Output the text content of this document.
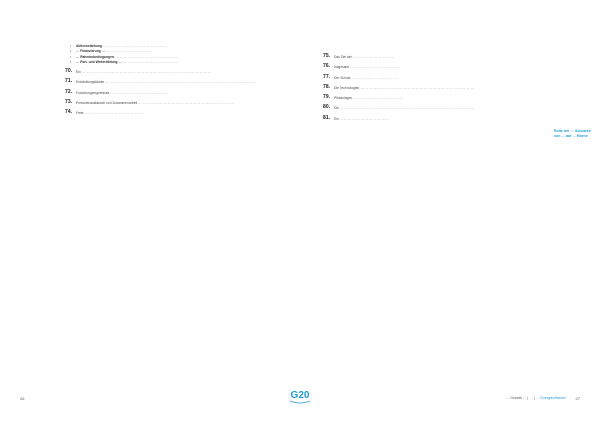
• Aktivenstärkung: … … … … … … … … … … … … … … …
• … Finanzierung …: … … … … … … … … … … …
• … Rahmenbedingungen: … … … … … … … … … … … … … … …
• … Fort- und Weiterbildung …: … … … … … … … … … … … … …
70. Ein … … … … … … … … … … … … … … … … … … … … … … … … … … … … … … …
71. Entwicklungsländer … … … … … … … … … … … … … … … … … … … … … … … … … … … … … … … … … … … …
72. Forschungsergebnisse … … … … … … … … … … … … … …
73. Personenaustausch und Zusammenarbeit … … … … … … … … … … … … … … … … … … … … … … …
74. Freie … … … … … … … … … … … … … …
26
75. Das Ziel der … … … … … … … … … …
76. Insgesamt … … … … … … … … … … … …
77. Der Schutz … … … … … … … … … … …
78. Die Technologien, … … … … … … … … … … … … … … … … … … … … … … … … … … …
79. Pilotanlagen … … … … … … … … … … … …
80. Die … … … … … … … … … … … … … … … … … … … … … … … … … … … … … … … …
81. Ein … … … … … … … … … … … …
Rolle der … Schutzes von … auf … Ebene
… Growth … | … | … Energieeffizienz 27
G20
